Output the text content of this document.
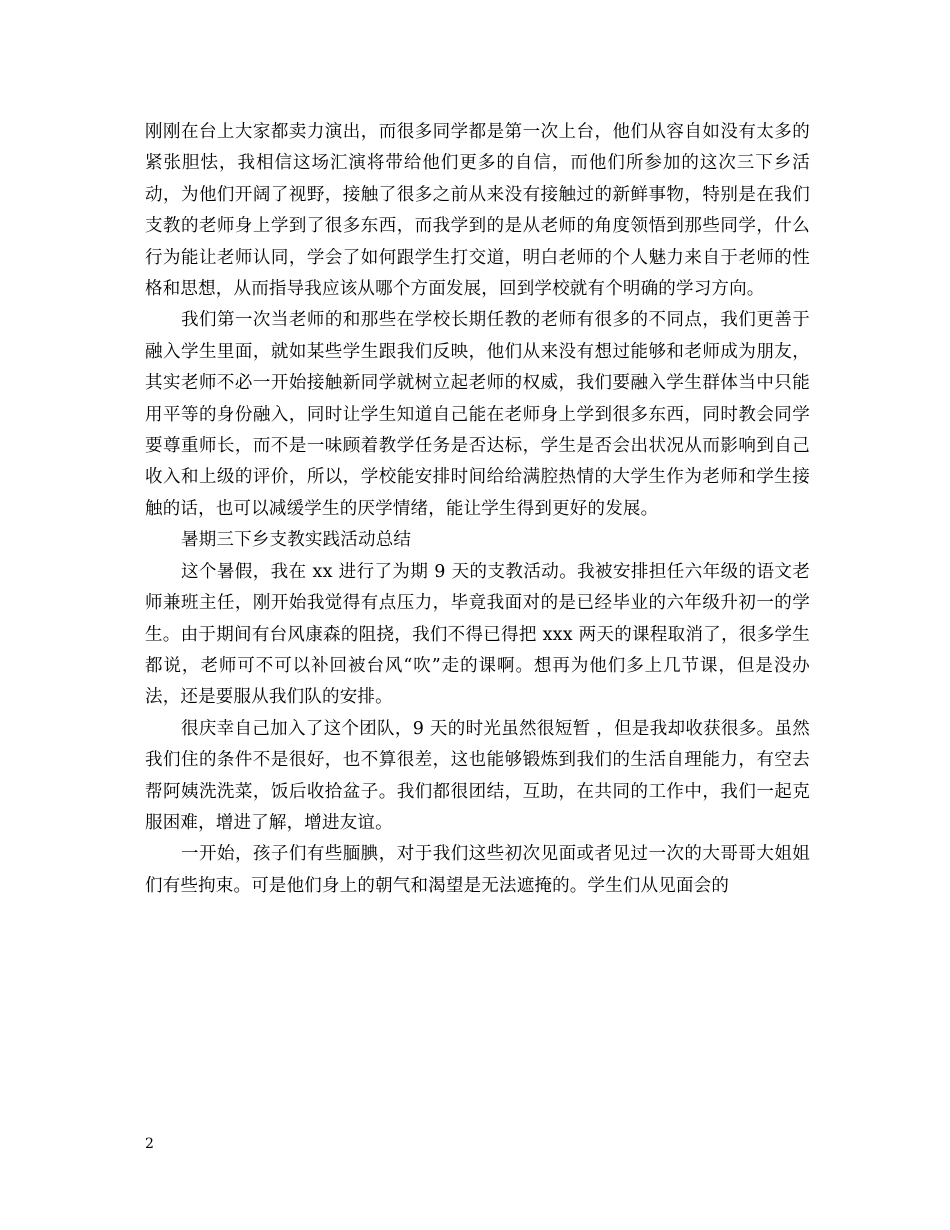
刚刚在台上大家都卖力演出，而很多同学都是第一次上台，他们从容自如没有太多的紧张胆怯，我相信这场汇演将带给他们更多的自信，而他们所参加的这次三下乡活动，为他们开阔了视野，接触了很多之前从来没有接触过的新鲜事物，特别是在我们支教的老师身上学到了很多东西，而我学到的是从老师的角度领悟到那些同学，什么行为能让老师认同，学会了如何跟学生打交道，明白老师的个人魅力来自于老师的性格和思想，从而指导我应该从哪个方面发展，回到学校就有个明确的学习方向。

我们第一次当老师的和那些在学校长期任教的老师有很多的不同点，我们更善于融入学生里面，就如某些学生跟我们反映，他们从来没有想过能够和老师成为朋友，其实老师不必一开始接触新同学就树立起老师的权威，我们要融入学生群体当中只能用平等的身份融入，同时让学生知道自己能在老师身上学到很多东西，同时教会同学要尊重师长，而不是一味顾着教学任务是否达标，学生是否会出状况从而影响到自己收入和上级的评价，所以，学校能安排时间给给满腔热情的大学生作为老师和学生接触的话，也可以减缓学生的厌学情绪，能让学生得到更好的发展。

暑期三下乡支教实践活动总结

这个暑假，我在 xx 进行了为期 9 天的支教活动。我被安排担任六年级的语文老师兼班主任，刚开始我觉得有点压力，毕竟我面对的是已经毕业的六年级升初一的学生。由于期间有台风康森的阻挠，我们不得已得把 xxx 两天的课程取消了，很多学生都说，老师可不可以补回被台风“吹”走的课啊。想再为他们多上几节课，但是没办法，还是要服从我们队的安排。

很庆幸自己加入了这个团队，9 天的时光虽然很短暂 ，但是我却收获很多。虽然我们住的条件不是很好，也不算很差，这也能够锻炼到我们的生活自理能力，有空去帮阿姨洗洗菜，饭后收拾盆子。我们都很团结，互助，在共同的工作中，我们一起克服困难，增进了解，增进友谊。

一开始，孩子们有些腼腆，对于我们这些初次见面或者见过一次的大哥哥大姐姐们有些拘束。可是他们身上的朝气和渴望是无法遮掩的。学生们从见面会的

2
